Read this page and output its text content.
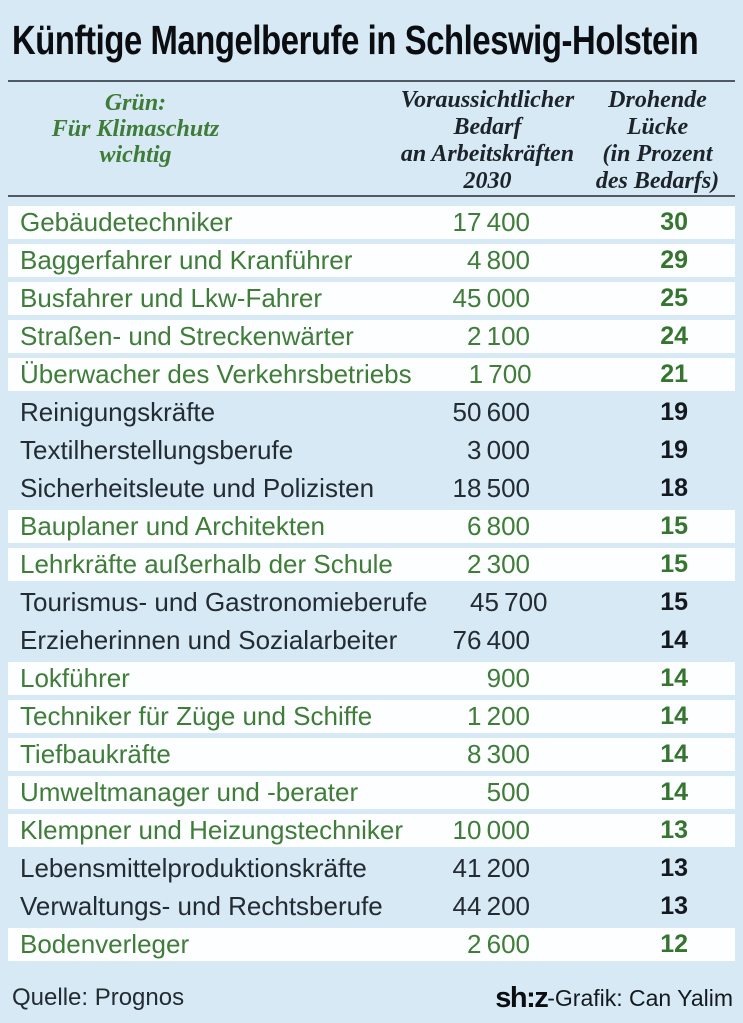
Künftige Mangelberufe in Schleswig-Holstein
Grün:
Für Klimaschutz
wichtig
Voraussichtlicher
Bedarf
an Arbeitskräften
2030
Drohende
Lücke
(in Prozent
des Bedarfs)
Gebäudetechniker	17 400	30
Baggerfahrer und Kranführer	4 800	29
Busfahrer und Lkw-Fahrer	45 000	25
Straßen- und Streckenwärter	2 100	24
Überwacher des Verkehrsbetriebs	1 700	21
Reinigungskräfte	50 600	19
Textilherstellungsberufe	3 000	19
Sicherheitsleute und Polizisten	18 500	18
Bauplaner und Architekten	6 800	15
Lehrkräfte außerhalb der Schule	2 300	15
Tourismus- und Gastronomieberufe	45 700	15
Erzieherinnen und Sozialarbeiter	76 400	14
Lokführer	900	14
Techniker für Züge und Schiffe	1 200	14
Tiefbaukräfte	8 300	14
Umweltmanager und -berater	500	14
Klempner und Heizungstechniker	10 000	13
Lebensmittelproduktionskräfte	41 200	13
Verwaltungs- und Rechtsberufe	44 200	13
Bodenverleger	2 600	12
Quelle: Prognos	sh:z -Grafik: Can Yalim
